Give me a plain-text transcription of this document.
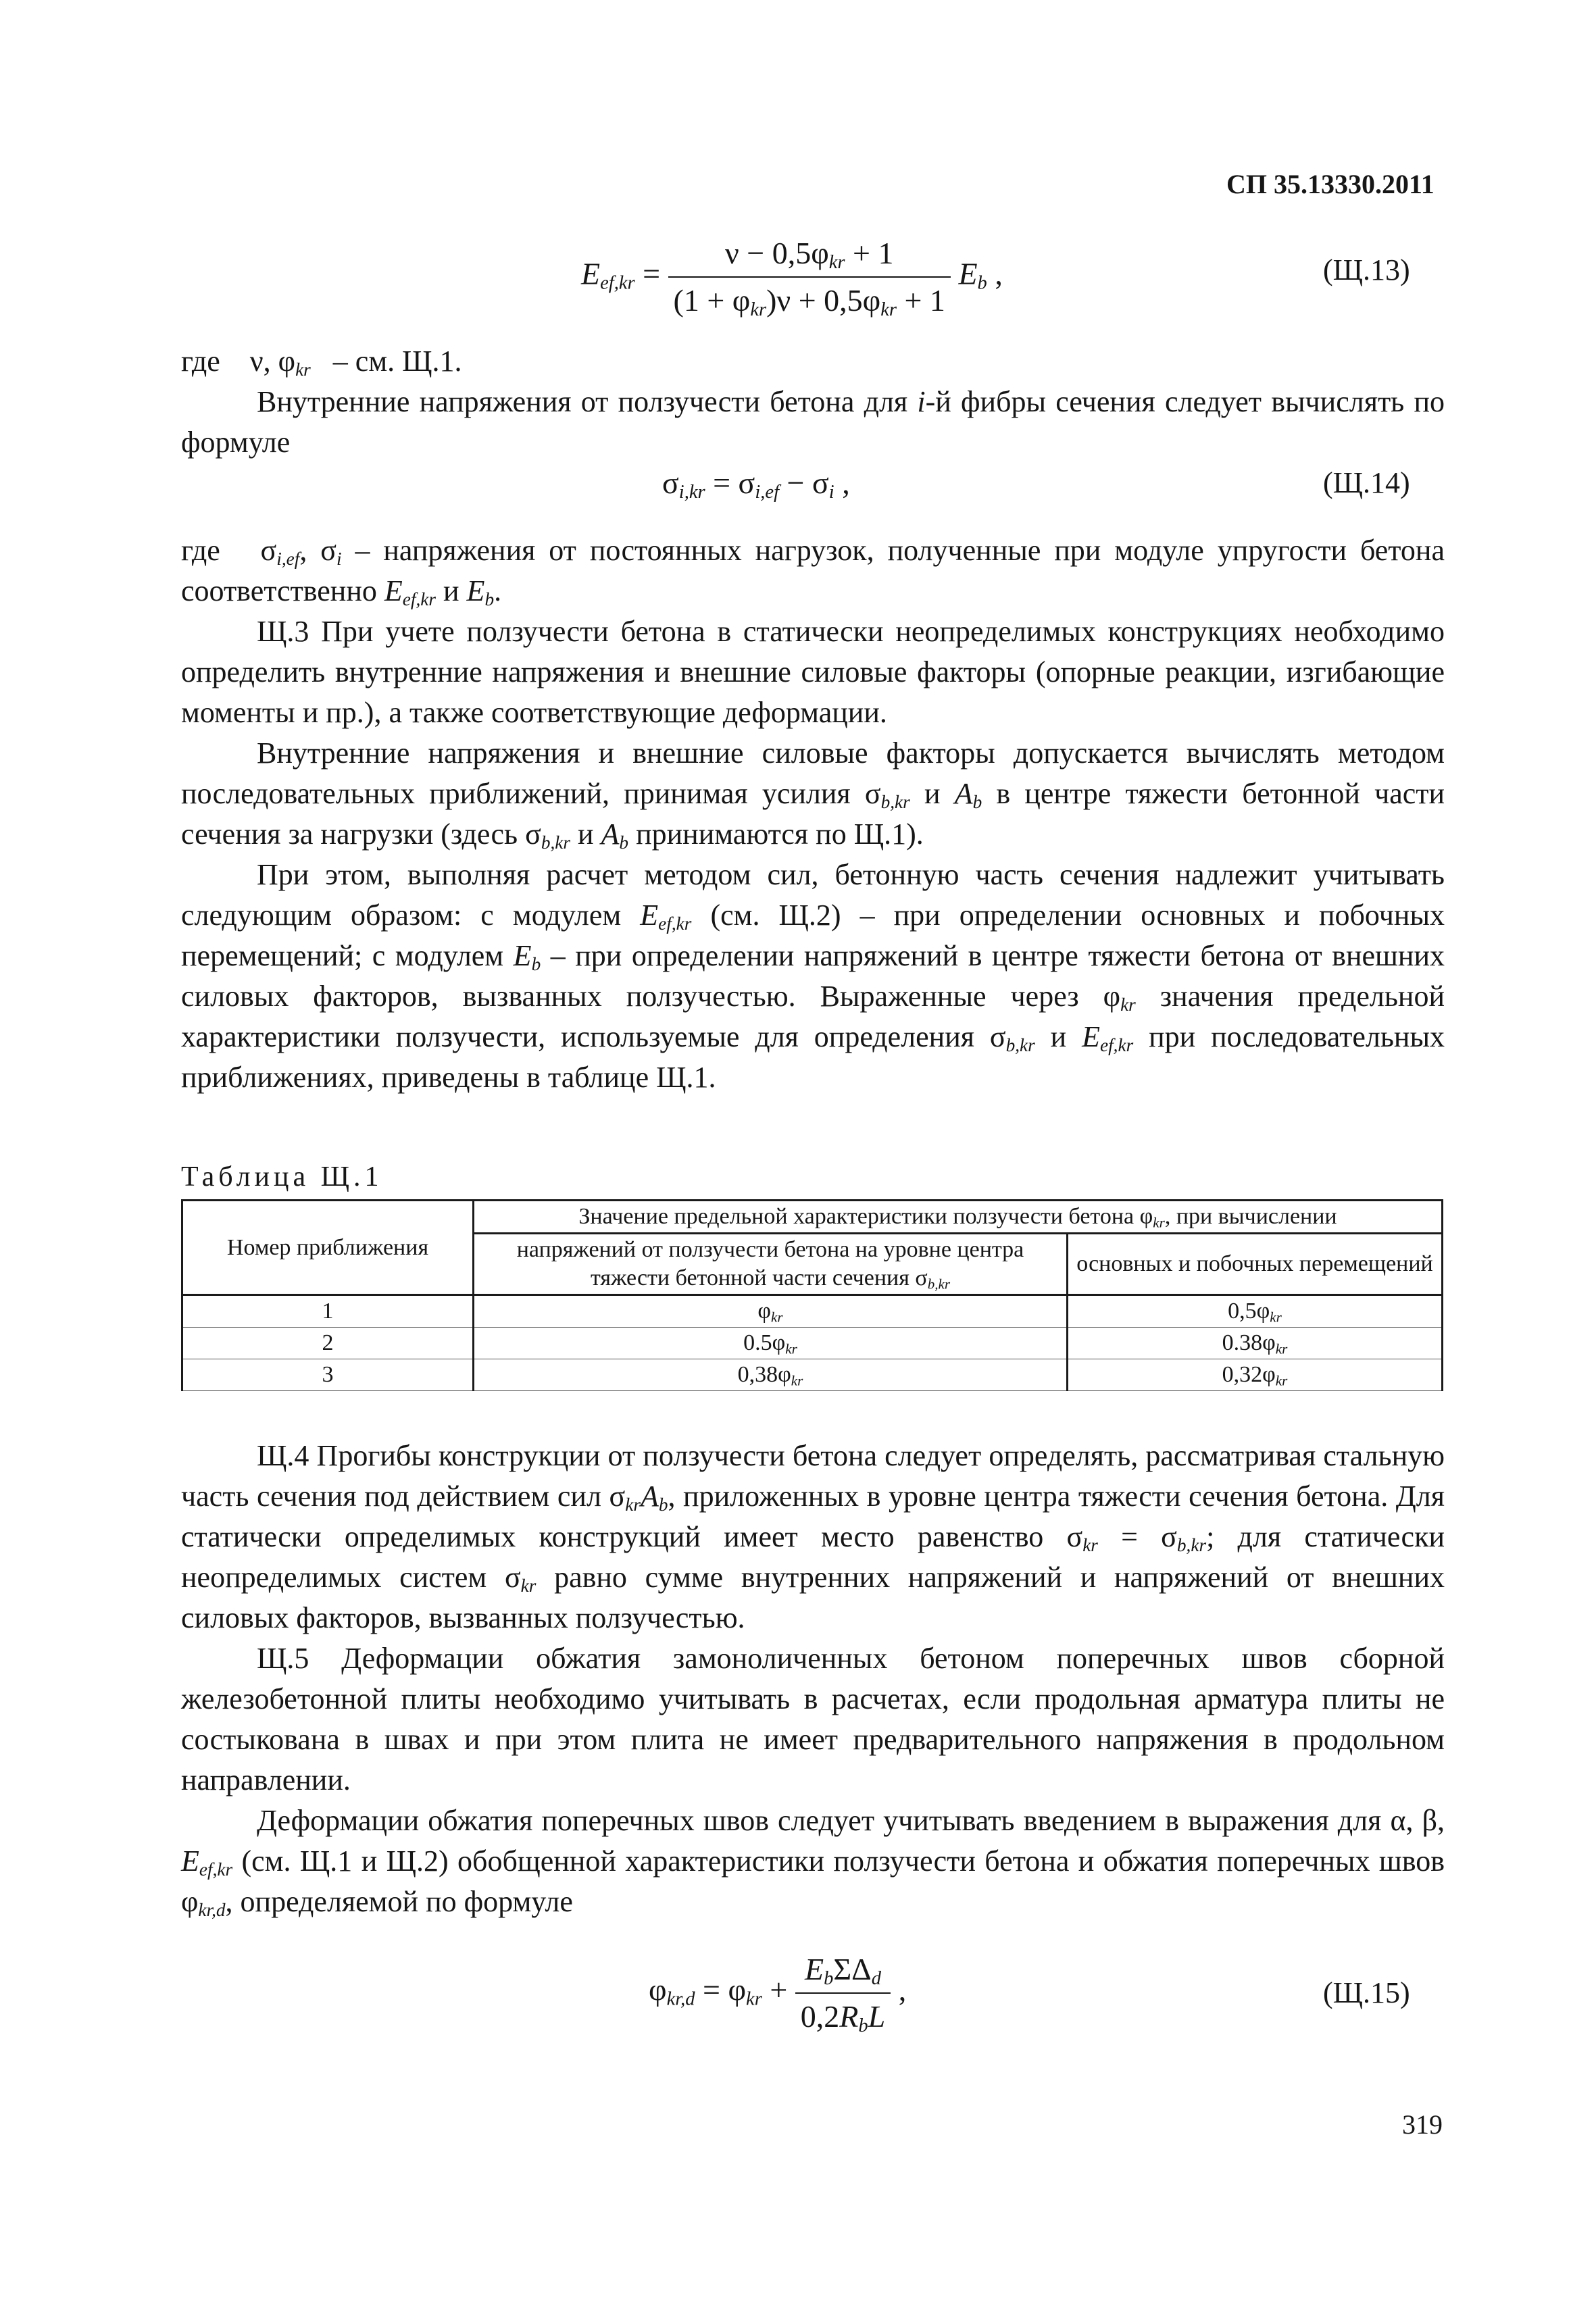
СП 35.13330.2011
$E_{ef,kr} = \frac{\nu - 0,5\varphi_{kr} + 1}{(1 + \varphi_{kr})\nu + 0,5\varphi_{kr} + 1} E_b$ ,	(Щ.13)
где    ν, $\varphi_{kr}$ – см. Щ.1.

Внутренние напряжения от ползучести бетона для i-й фибры сечения следует вычислять по формуле

$\sigma_{i,kr} = \sigma_{i,ef} - \sigma_i$ ,	(Щ.14)

где   $\sigma_{i,ef}$, $\sigma_i$ – напряжения от постоянных нагрузок, полученные при модуле упругости бетона соответственно $E_{ef,kr}$ и $E_b$.

Щ.3 При учете ползучести бетона в статически неопределимых конструкциях необходимо определить внутренние напряжения и внешние силовые факторы (опорные реакции, изгибающие моменты и пр.), а также соответствующие деформации.

Внутренние напряжения и внешние силовые факторы допускается вычислять методом последовательных приближений, принимая усилия $\sigma_{b,kr}$ и $A_b$ в центре тяжести бетонной части сечения за нагрузки (здесь $\sigma_{b,kr}$ и $A_b$ принимаются по Щ.1).

При этом, выполняя расчет методом сил, бетонную часть сечения надлежит учитывать следующим образом: с модулем $E_{ef,kr}$ (см. Щ.2) – при определении основных и побочных перемещений; с модулем $E_b$ – при определении напряжений в центре тяжести бетона от внешних силовых факторов, вызванных ползучестью. Выраженные через $\varphi_{kr}$ значения предельной характеристики ползучести, используемые для определения $\sigma_{b,kr}$ и $E_{ef,kr}$ при последовательных приближениях, приведены в таблице Щ.1.

Таблица Щ.1
Номер приближения	Значение предельной характеристики ползучести бетона $\varphi_{kr}$, при вычислении	
	напряжений от ползучести бетона на уровне центра тяжести бетонной части сечения $\sigma_{b,kr}$	основных и побочных перемещений
1	$\varphi_{kr}$	$0,5\varphi_{kr}$
2	$0.5\varphi_{kr}$	$0.38\varphi_{kr}$
3	$0,38\varphi_{kr}$	$0,32\varphi_{kr}$

Щ.4 Прогибы конструкции от ползучести бетона следует определять, рассматривая стальную часть сечения под действием сил $\sigma_{kr}A_b$, приложенных в уровне центра тяжести сечения бетона. Для статически определимых конструкций имеет место равенство $\sigma_{kr} = \sigma_{b,kr}$; для статически неопределимых систем $\sigma_{kr}$ равно сумме внутренних напряжений и напряжений от внешних силовых факторов, вызванных ползучестью.

Щ.5 Деформации обжатия замоноличенных бетоном поперечных швов сборной железобетонной плиты необходимо учитывать в расчетах, если продольная арматура плиты не состыкована в швах и при этом плита не имеет предварительного напряжения в продольном направлении.

Деформации обжатия поперечных швов следует учитывать введением в выражения для α, β, $E_{ef,kr}$ (см. Щ.1 и Щ.2) обобщенной характеристики ползучести бетона и обжатия поперечных швов $\varphi_{kr,d}$, определяемой по формуле

$\varphi_{kr,d} = \varphi_{kr} + \frac{E_b\Sigma\Delta_d}{0,2R_bL}$ ,	(Щ.15)
319
